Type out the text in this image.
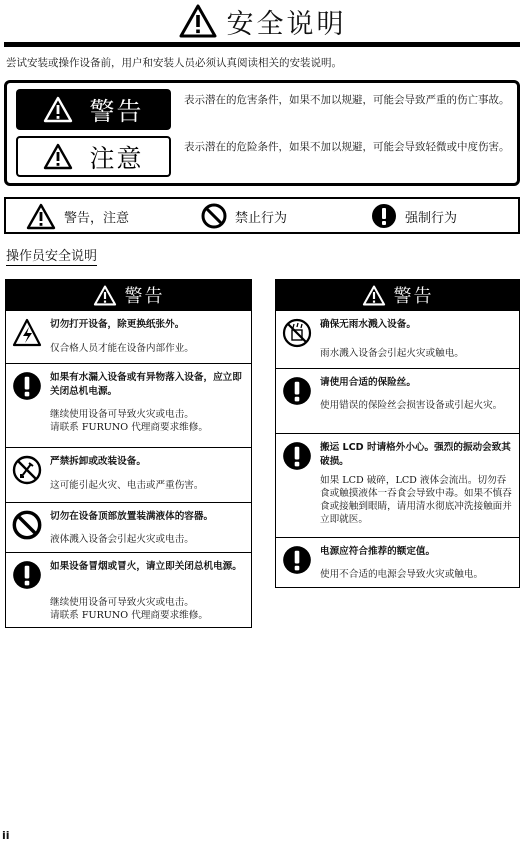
安全说明
尝试安装或操作设备前，用户和安装人员必须认真阅读相关的安装说明。
警告	表示潜在的危害条件，如果不加以规避，可能会导致严重的伤亡事故。
注意	表示潜在的危险条件，如果不加以规避，可能会导致轻微或中度伤害。
警告，注意	禁止行为	强制行为
操作员安全说明
警告
切勿打开设备，除更换纸张外。
仅合格人员才能在设备内部作业。
如果有水漏入设备或有异物落入设备，应立即关闭总机电源。
继续使用设备可导致火灾或电击。
请联系 FURUNO 代理商要求维修。
严禁拆卸或改装设备。
这可能引起火灾、电击或严重伤害。
切勿在设备顶部放置装满液体的容器。
液体溅入设备会引起火灾或电击。
如果设备冒烟或冒火，请立即关闭总机电源。
继续使用设备可导致火灾或电击。
请联系 FURUNO 代理商要求维修。
警告
确保无雨水溅入设备。
雨水溅入设备会引起火灾或触电。
请使用合适的保险丝。
使用错误的保险丝会损害设备或引起火灾。
搬运 LCD 时请格外小心。强烈的振动会致其破损。
如果 LCD 破碎，LCD 液体会流出。切勿吞食或触摸液体一吞食会导致中毒。如果不慎吞食或接触到眼睛，请用清水彻底冲洗接触面并立即就医。
电源应符合推荐的额定值。
使用不合适的电源会导致火灾或触电。
ii
